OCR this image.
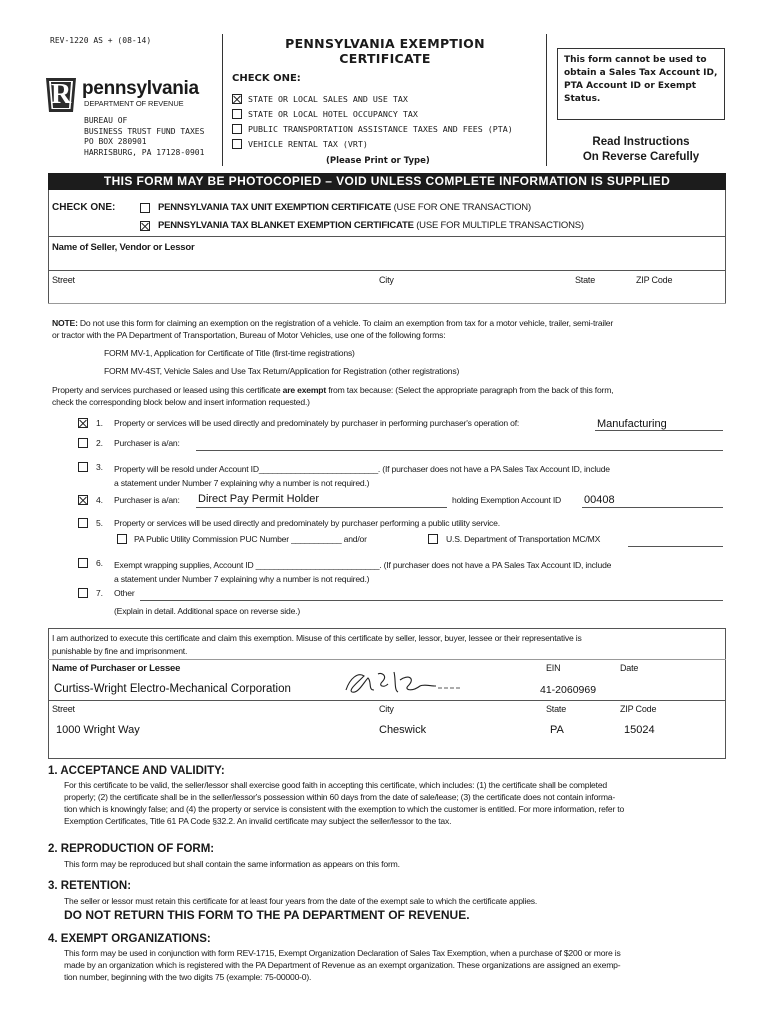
REV-1220 AS + (08-14)
R pennsylvania
DEPARTMENT OF REVENUE
BUREAU OF
BUSINESS TRUST FUND TAXES
PO BOX 280901
HARRISBURG, PA 17128-0901
PENNSYLVANIA EXEMPTION
CERTIFICATE
CHECK ONE:
STATE OR LOCAL SALES AND USE TAX
STATE OR LOCAL HOTEL OCCUPANCY TAX
PUBLIC TRANSPORTATION ASSISTANCE TAXES AND FEES (PTA)
VEHICLE RENTAL TAX (VRT)
(Please Print or Type)
This form cannot be used to obtain a Sales Tax Account ID, PTA Account ID or Exempt Status.
Read Instructions
On Reverse Carefully
THIS FORM MAY BE PHOTOCOPIED – VOID UNLESS COMPLETE INFORMATION IS SUPPLIED
CHECK ONE:	PENNSYLVANIA TAX UNIT EXEMPTION CERTIFICATE (USE FOR ONE TRANSACTION)
PENNSYLVANIA TAX BLANKET EXEMPTION CERTIFICATE (USE FOR MULTIPLE TRANSACTIONS)
Name of Seller, Vendor or Lessor
Street	City	State	ZIP Code
NOTE: Do not use this form for claiming an exemption on the registration of a vehicle. To claim an exemption from tax for a motor vehicle, trailer, semi-trailer
or tractor with the PA Department of Transportation, Bureau of Motor Vehicles, use one of the following forms:
FORM MV-1, Application for Certificate of Title (first-time registrations)
FORM MV-4ST, Vehicle Sales and Use Tax Return/Application for Registration (other registrations)
Property and services purchased or leased using this certificate are exempt from tax because: (Select the appropriate paragraph from the back of this form,
check the corresponding block below and insert information requested.)
1. Property or services will be used directly and predominately by purchaser in performing purchaser's operation of:	Manufacturing
2. Purchaser is a/an:
3. Property will be resold under Account ID__________________________. (If purchaser does not have a PA Sales Tax Account ID, include
a statement under Number 7 explaining why a number is not required.)
4. Purchaser is a/an: Direct Pay Permit Holder	holding Exemption Account ID 00408
5. Property or services will be used directly and predominately by purchaser performing a public utility service.
PA Public Utility Commission PUC Number ___________ and/or	U.S. Department of Transportation MC/MX
6. Exempt wrapping supplies, Account ID ___________________________. (If purchaser does not have a PA Sales Tax Account ID, include
a statement under Number 7 explaining why a number is not required.)
7. Other
(Explain in detail. Additional space on reverse side.)
I am authorized to execute this certificate and claim this exemption. Misuse of this certificate by seller, lessor, buyer, lessee or their representative is
punishable by fine and imprisonment.
Name of Purchaser or Lessee	EIN	Date
Curtiss-Wright Electro-Mechanical Corporation	41-2060969
Street	City	State	ZIP Code
1000 Wright Way	Cheswick	PA	15024
1. ACCEPTANCE AND VALIDITY:
For this certificate to be valid, the seller/lessor shall exercise good faith in accepting this certificate, which includes: (1) the certificate shall be completed
properly; (2) the certificate shall be in the seller/lessor's possession within 60 days from the date of sale/lease; (3) the certificate does not contain informa-
tion which is knowingly false; and (4) the property or service is consistent with the exemption to which the customer is entitled. For more information, refer to
Exemption Certificates, Title 61 PA Code §32.2. An invalid certificate may subject the seller/lessor to the tax.
2. REPRODUCTION OF FORM:
This form may be reproduced but shall contain the same information as appears on this form.
3. RETENTION:
The seller or lessor must retain this certificate for at least four years from the date of the exempt sale to which the certificate applies.
DO NOT RETURN THIS FORM TO THE PA DEPARTMENT OF REVENUE.
4. EXEMPT ORGANIZATIONS:
This form may be used in conjunction with form REV-1715, Exempt Organization Declaration of Sales Tax Exemption, when a purchase of $200 or more is
made by an organization which is registered with the PA Department of Revenue as an exempt organization. These organizations are assigned an exemp-
tion number, beginning with the two digits 75 (example: 75-00000-0).
